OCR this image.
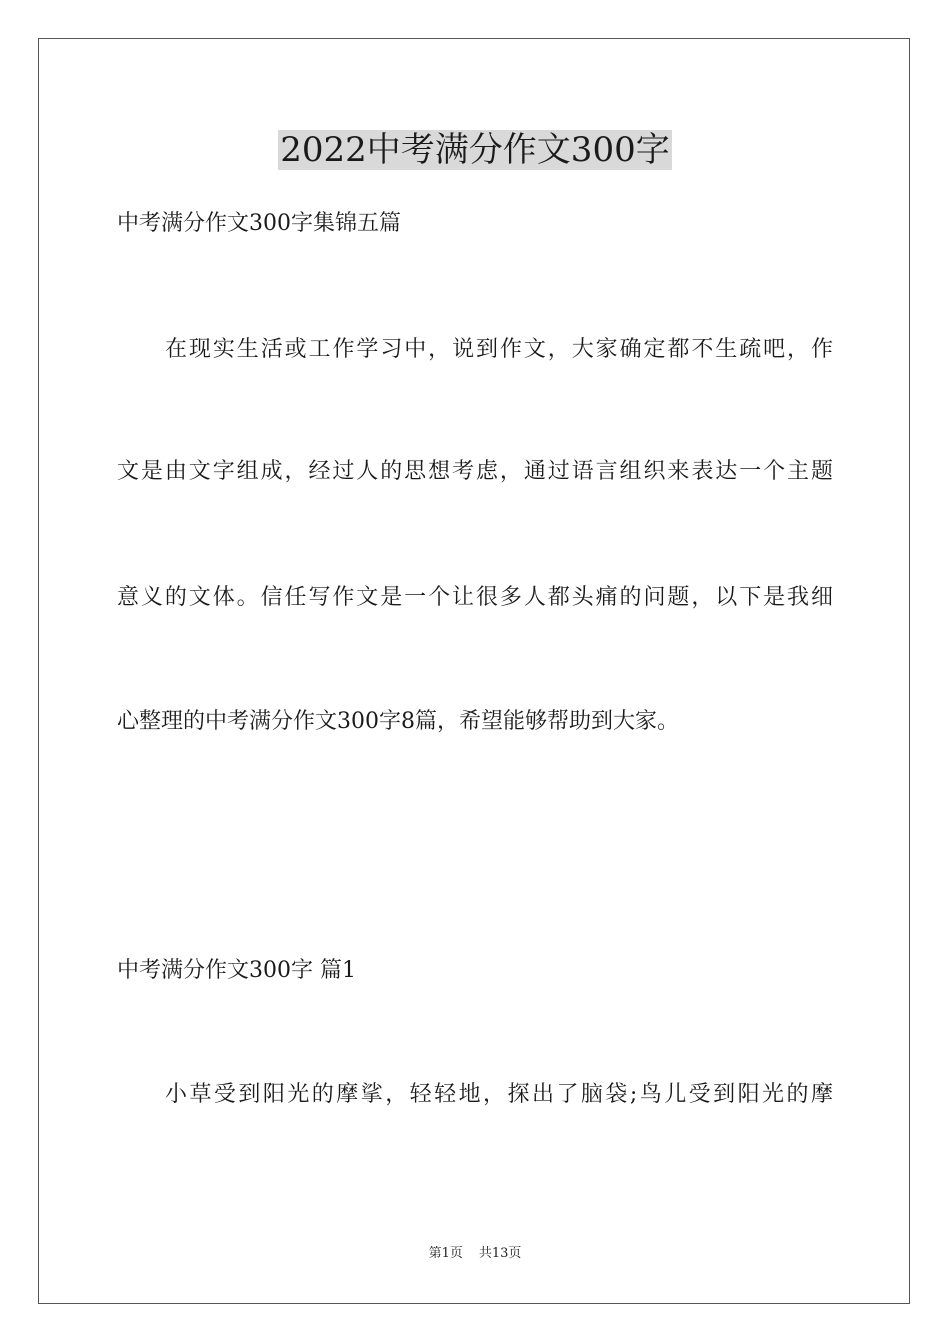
2022中考满分作文300字
中考满分作文300字集锦五篇
在现实生活或工作学习中，说到作文，大家确定都不生疏吧，作
文是由文字组成，经过人的思想考虑，通过语言组织来表达一个主题
意义的文体。信任写作文是一个让很多人都头痛的问题，以下是我细
心整理的中考满分作文300字8篇，希望能够帮助到大家。
中考满分作文300字 篇1
小草受到阳光的摩挲，轻轻地，探出了脑袋;鸟儿受到阳光的摩
第1页 共13页
